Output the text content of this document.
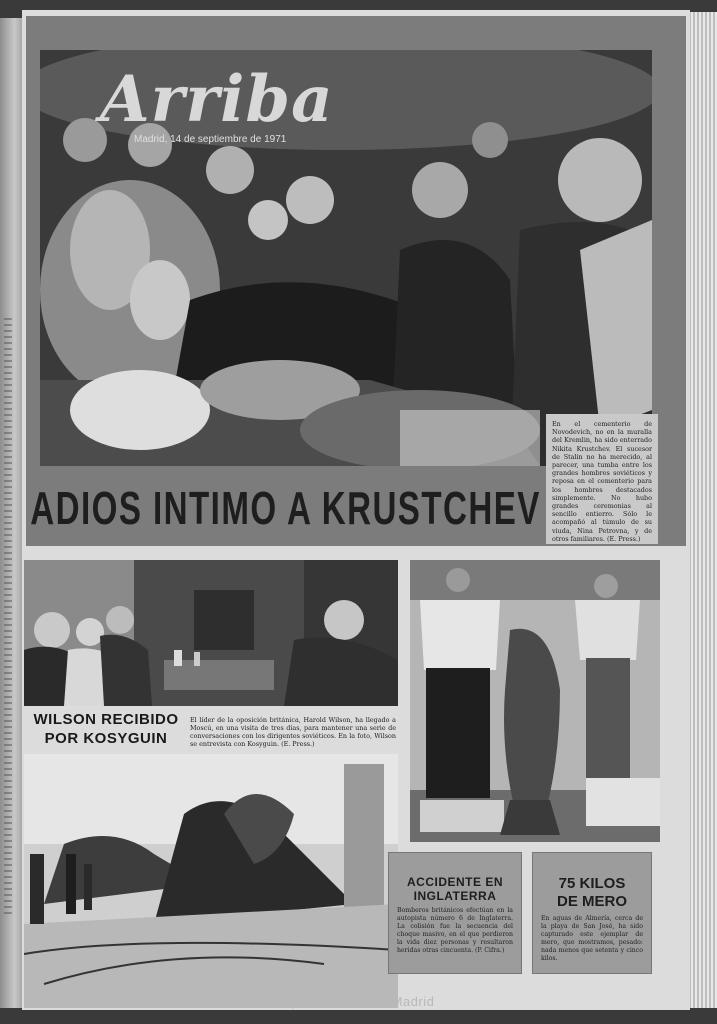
Arriba
Madrid, 14 de septiembre de 1971
ADIOS INTIMO A KRUSTCHEV
En el cementerio de Novodevich, no en la muralla del Kremlin, ha sido enterrado Nikita Krustchev. El sucesor de Stalin no ha merecido, al parecer, una tumba entre los grandes hombres soviéticos y reposa en el cementerio para los hombres destacados simplemente. No hubo grandes ceremonias al sencillo entierro. Sólo le acompañó al túmulo de su viuda, Nina Petrovna, y de otros familiares. (E. Press.)
WILSON RECIBIDO
POR KOSYGUIN
El líder de la oposición británica, Harold Wilson, ha llegado a Moscú, en una visita de tres días, para mantener una serie de conversaciones con los dirigentes soviéticos. En la foto, Wilson se entrevista con Kosyguin. (E. Press.)
ACCIDENTE EN
INGLATERRA

Bomberos británicos efectúan en la autopista número 6 de Inglaterra. La colisión fue la secuencia del choque masivo, en el que perdieron la vida diez personas y resultaron heridas otras cincuenta. (P. Cifra.)

75 KILOS
DE MERO

En aguas de Almería, cerca de la playa de San José, ha sido capturado este ejemplar de mero, que mostramos, pesado: nada menos que setenta y cinco kilos.

Ayuntamiento de Madrid
